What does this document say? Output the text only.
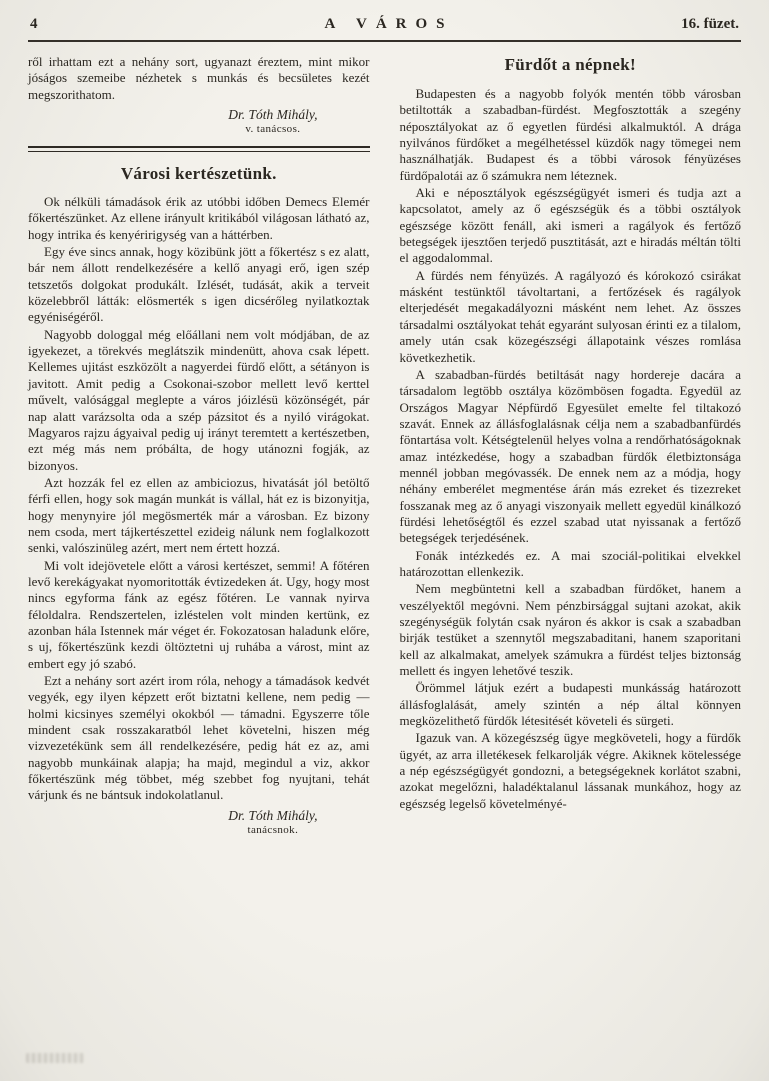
4	A VÁROS	16. füzet.

ről irhattam ezt a nehány sort, ugyanazt éreztem, mint mikor jóságos szemeibe nézhetek s munkás és becsületes kezét megszorithatom.

Dr. Tóth Mihály,
v. tanácsos.
Városi kertészetünk.

Ok nélküli támadások érik az utóbbi időben Demecs Elemér főkertészünket. Az ellene irányult kritikából világosan látható az, hogy intrika és kenyéririgység van a háttérben.

Egy éve sincs annak, hogy közibünk jött a főkertész s ez alatt, bár nem állott rendelkezésére a kellő anyagi erő, igen szép tetszetős dolgokat produkált. Izlését, tudását, akik a terveit közelebbről látták: elösmerték s igen dicsérőleg nyilatkoztak egyéniségéről.

Nagyobb dologgal még előállani nem volt módjában, de az igyekezet, a törekvés meglátszik mindenütt, ahova csak lépett. Kellemes ujitást eszközölt a nagyerdei fürdő előtt, a sétányon is javitott. Amit pedig a Csokonai-szobor mellett levő kerttel művelt, valósággal meglepte a város jóizlésü közönségét, pár nap alatt varázsolta oda a szép pázsitot és a nyiló virágokat. Magyaros rajzu ágyaival pedig uj irányt teremtett a kertészetben, ezt még más nem próbálta, de hogy utánozni fogják, az bizonyos.

Azt hozzák fel ez ellen az ambiciozus, hivatását jól betöltő férfi ellen, hogy sok magán munkát is vállal, hát ez is bizonyitja, hogy menynyire jól megösmerték már a városban. Ez bizony nem csoda, mert tájkertészettel ezideig nálunk nem foglalkozott senki, valószinüleg azért, mert nem értett hozzá.

Mi volt idejövetele előtt a városi kertészet, semmi! A főtéren levő kerekágyakat nyomoritották évtizedeken át. Ugy, hogy most nincs egyforma fánk az egész főtéren. Le vannak nyirva féloldalra. Rendszertelen, izléstelen volt minden kertünk, ez azonban hála Istennek már véget ér. Fokozatosan haladunk előre, s uj, főkertészünk kezdi öltöztetni uj ruhába a várost, mint az embert egy jó szabó.

Ezt a nehány sort azért irom róla, nehogy a támadások kedvét vegyék, egy ilyen képzett erőt biztatni kellene, nem pedig — holmi kicsinyes személyi okokból — támadni. Egyszerre tőle mindent csak rosszakaratból lehet követelni, hiszen még vizvezetékünk sem áll rendelkezésére, pedig hát ez az, ami nagyobb munkáinak alapja; ha majd, megindul a viz, akkor főkertészünk még többet, még szebbet fog nyujtani, tehát várjunk és ne bántsuk indokolatlanul.

Dr. Tóth Mihály,
tanácsnok.
Fürdőt a népnek!

Budapesten és a nagyobb folyók mentén több városban betiltották a szabadban-fürdést. Megfosztották a szegény néposztályokat az ő egyetlen fürdési alkalmuktól. A drága nyilvános fürdőket a megélhetéssel küzdők nagy tömegei nem használhatják. Budapest és a többi városok fényüzéses fürdőpalotái az ő számukra nem léteznek.

Aki e néposztályok egészségügyét ismeri és tudja azt a kapcsolatot, amely az ő egészségük és a többi osztályok egészsége között fenáll, aki ismeri a ragályok és fertőző betegségek ijesztően terjedő pusztitását, azt e hiradás méltán tölti el aggodalommal.

A fürdés nem fényüzés. A ragályozó és kórokozó csirákat másként testünktől távoltartani, a fertőzések és ragályok elterjedését megakadályozni másként nem lehet. Az összes társadalmi osztályokat tehát egyaránt sulyosan érinti ez a tilalom, amely után csak közegészségi állapotaink vészes romlása következhetik.

A szabadban-fürdés betiltását nagy hordereje dacára a társadalom legtöbb osztálya közömbösen fogadta. Egyedül az Országos Magyar Népfürdő Egyesület emelte fel tiltakozó szavát. Ennek az állásfoglalásnak célja nem a szabadbanfürdés föntartása volt. Kétségtelenül helyes volna a rendőrhatóságoknak amaz intézkedése, hogy a szabadban fürdők életbiztonsága mennél jobban megóvassék. De ennek nem az a módja, hogy néhány emberélet megmentése árán más ezreket és tizezreket fosszanak meg az ő anyagi viszonyaik mellett egyedül kinálkozó fürdési lehetőségtől és ezzel szabad utat nyissanak a fertőző betegségek terjedésének.

Fonák intézkedés ez. A mai szociál-politikai elvekkel határozottan ellenkezik.

Nem megbüntetni kell a szabadban fürdőket, hanem a veszélyektől megóvni. Nem pénzbirsággal sujtani azokat, akik szegénységük folytán csak nyáron és akkor is csak a szabadban birják testüket a szennytől megszabaditani, hanem szaporitani kell az alkalmakat, amelyek számukra a fürdést teljes biztonság mellett és ingyen lehetővé teszik.

Örömmel látjuk ezért a budapesti munkásság határozott állásfoglalását, amely szintén a nép által könnyen megközelithető fürdők létesitését követeli és sürgeti.

Igazuk van. A közegészség ügye megköveteli, hogy a fürdők ügyét, az arra illetékesek felkarolják végre. Akiknek kötelessége a nép egészségügyét gondozni, a betegségeknek korlátot szabni, azokat megelőzni, haladéktalanul lássanak munkához, hogy az egészség legelső követelményé-
